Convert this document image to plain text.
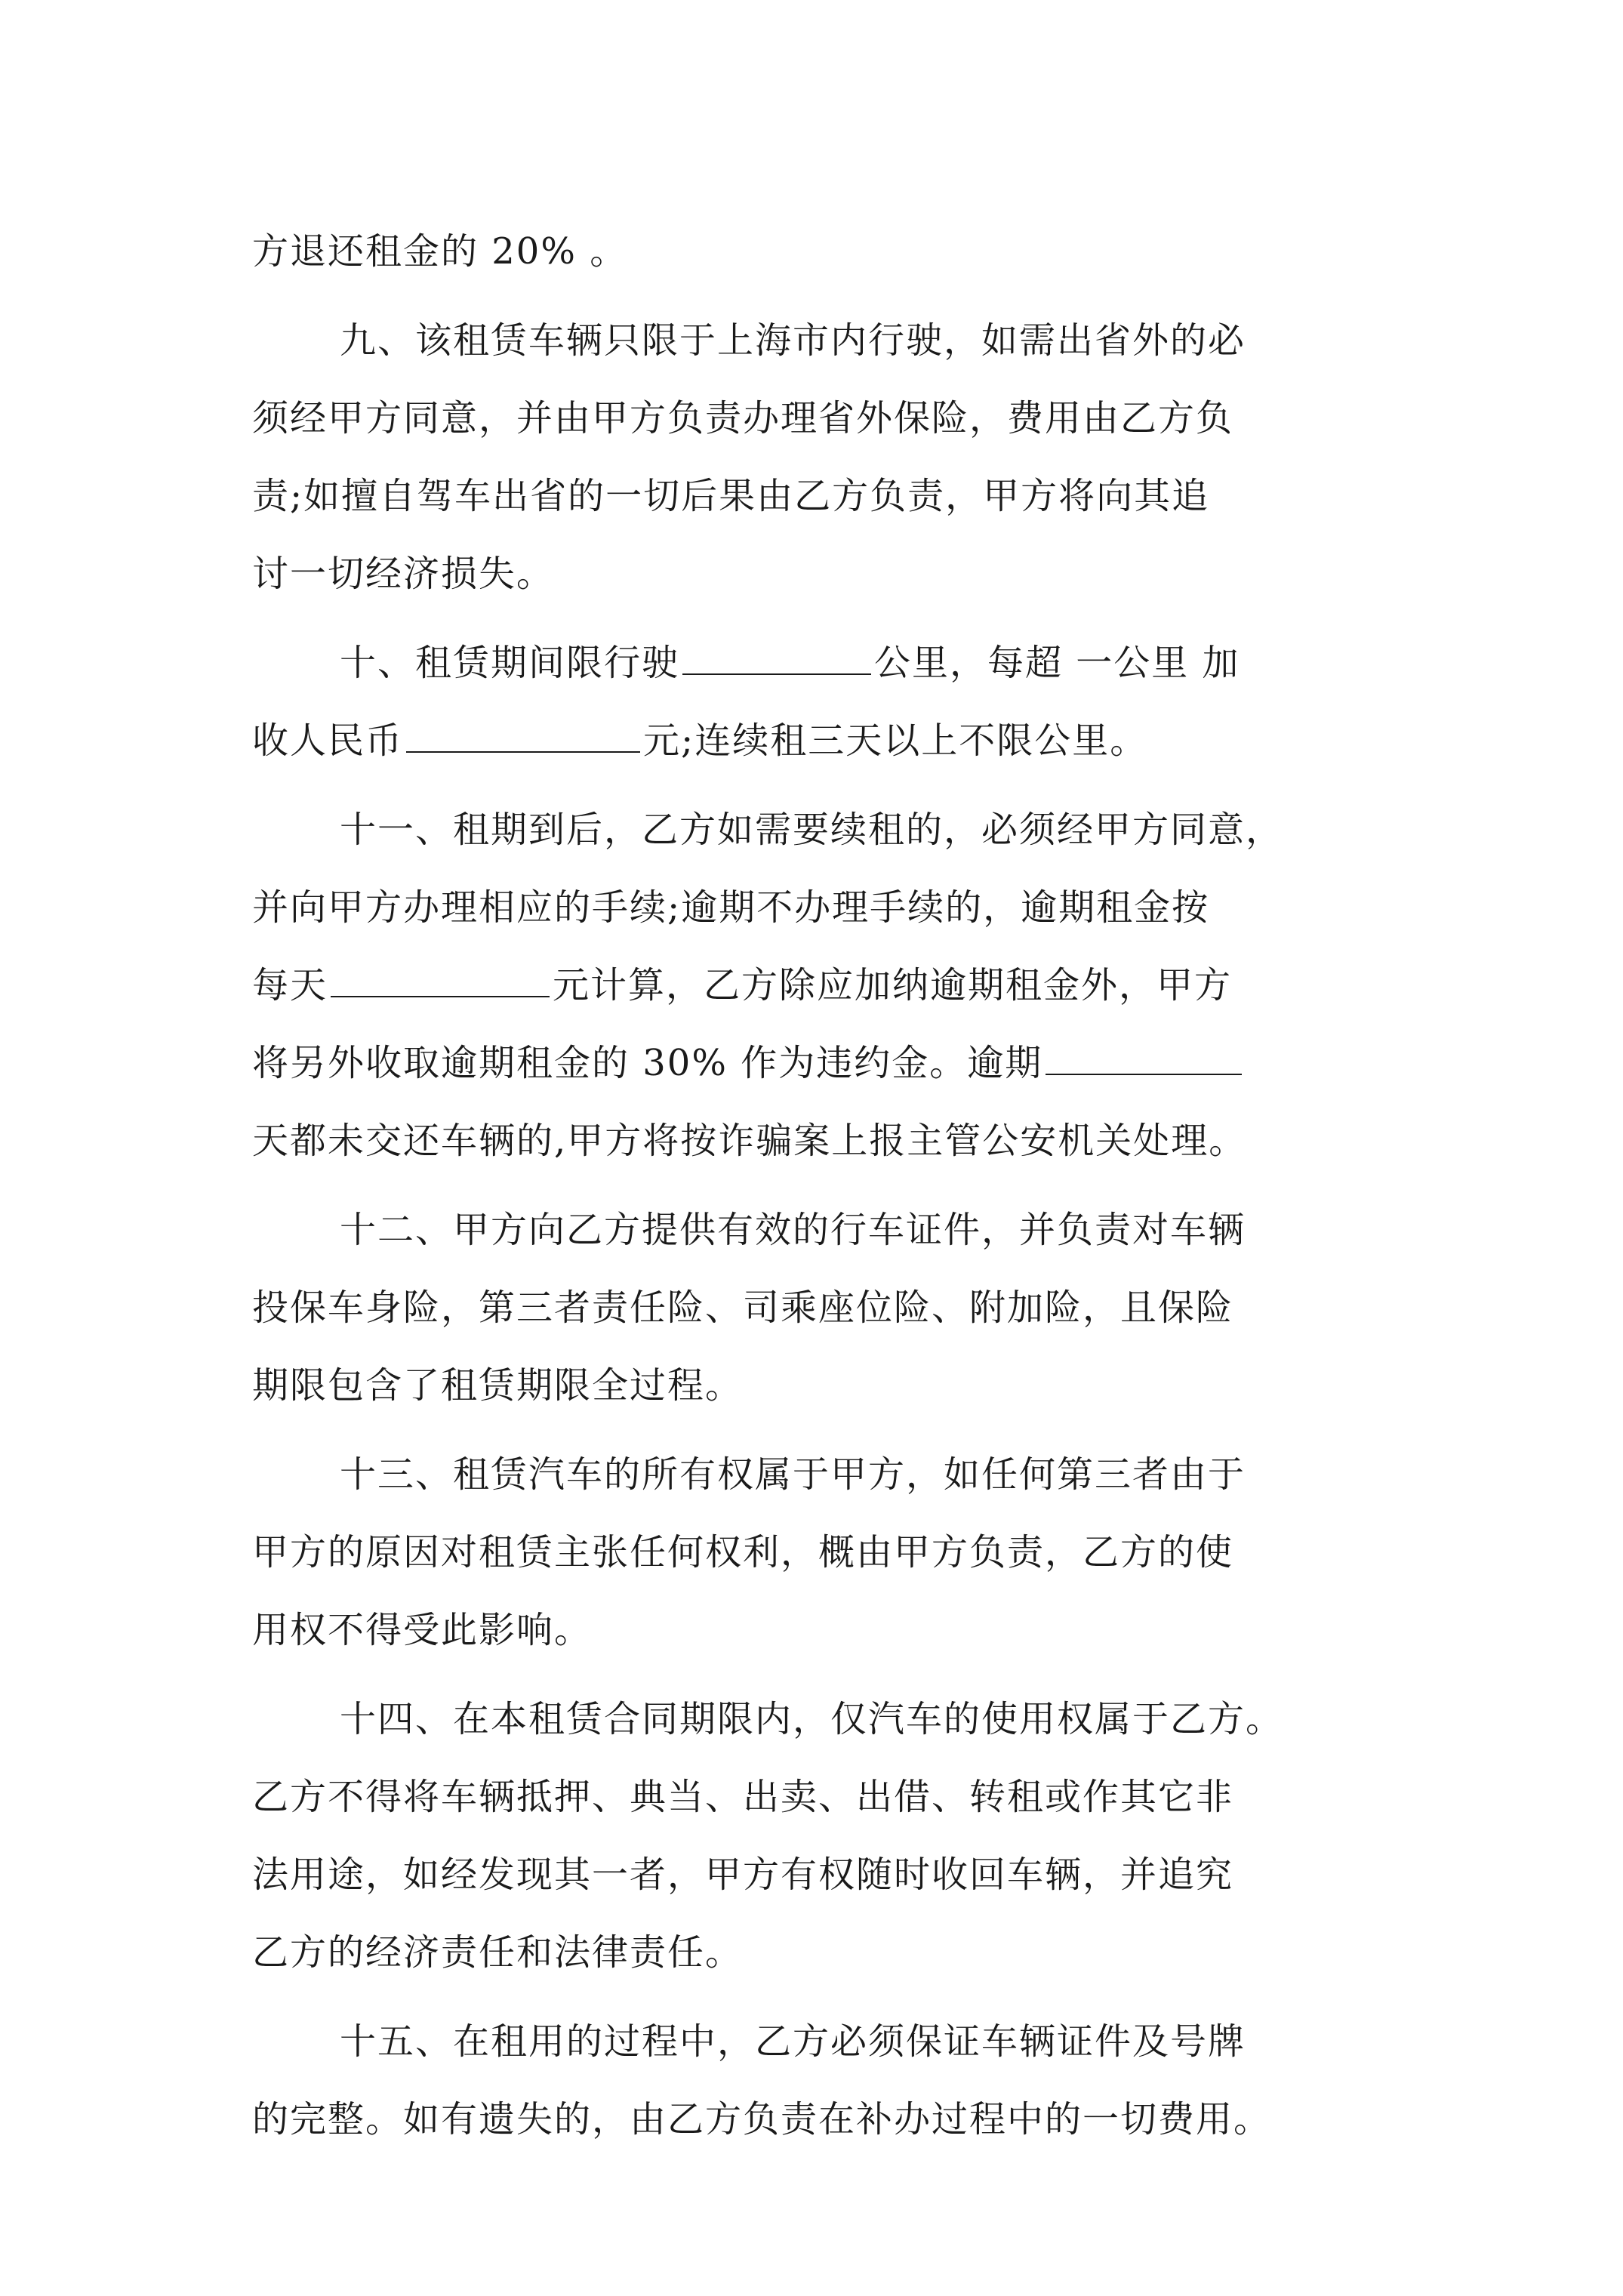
方退还租金的 20% 。
九、该租赁车辆只限于上海市内行驶，如需出省外的必
须经甲方同意，并由甲方负责办理省外保险，费用由乙方负
责;如擅自驾车出省的一切后果由乙方负责，甲方将向其追
讨一切经济损失。
十、租赁期间限行驶	公里，每超 一公里 加
收人民币	元;连续租三天以上不限公里。
十一、租期到后，乙方如需要续租的，必须经甲方同意，
并向甲方办理相应的手续;逾期不办理手续的，逾期租金按
每天	元计算，乙方除应加纳逾期租金外，甲方
将另外收取逾期租金的 30% 作为违约金。逾期
天都未交还车辆的,甲方将按诈骗案上报主管公安机关处理。
十二、甲方向乙方提供有效的行车证件，并负责对车辆
投保车身险，第三者责任险、司乘座位险、附加险，且保险
期限包含了租赁期限全过程。
十三、租赁汽车的所有权属于甲方，如任何第三者由于
甲方的原因对租赁主张任何权利，概由甲方负责，乙方的使
用权不得受此影响。
十四、在本租赁合同期限内，仅汽车的使用权属于乙方。
乙方不得将车辆抵押、典当、出卖、出借、转租或作其它非
法用途，如经发现其一者，甲方有权随时收回车辆，并追究
乙方的经济责任和法律责任。
十五、在租用的过程中，乙方必须保证车辆证件及号牌
的完整。如有遗失的，由乙方负责在补办过程中的一切费用。
